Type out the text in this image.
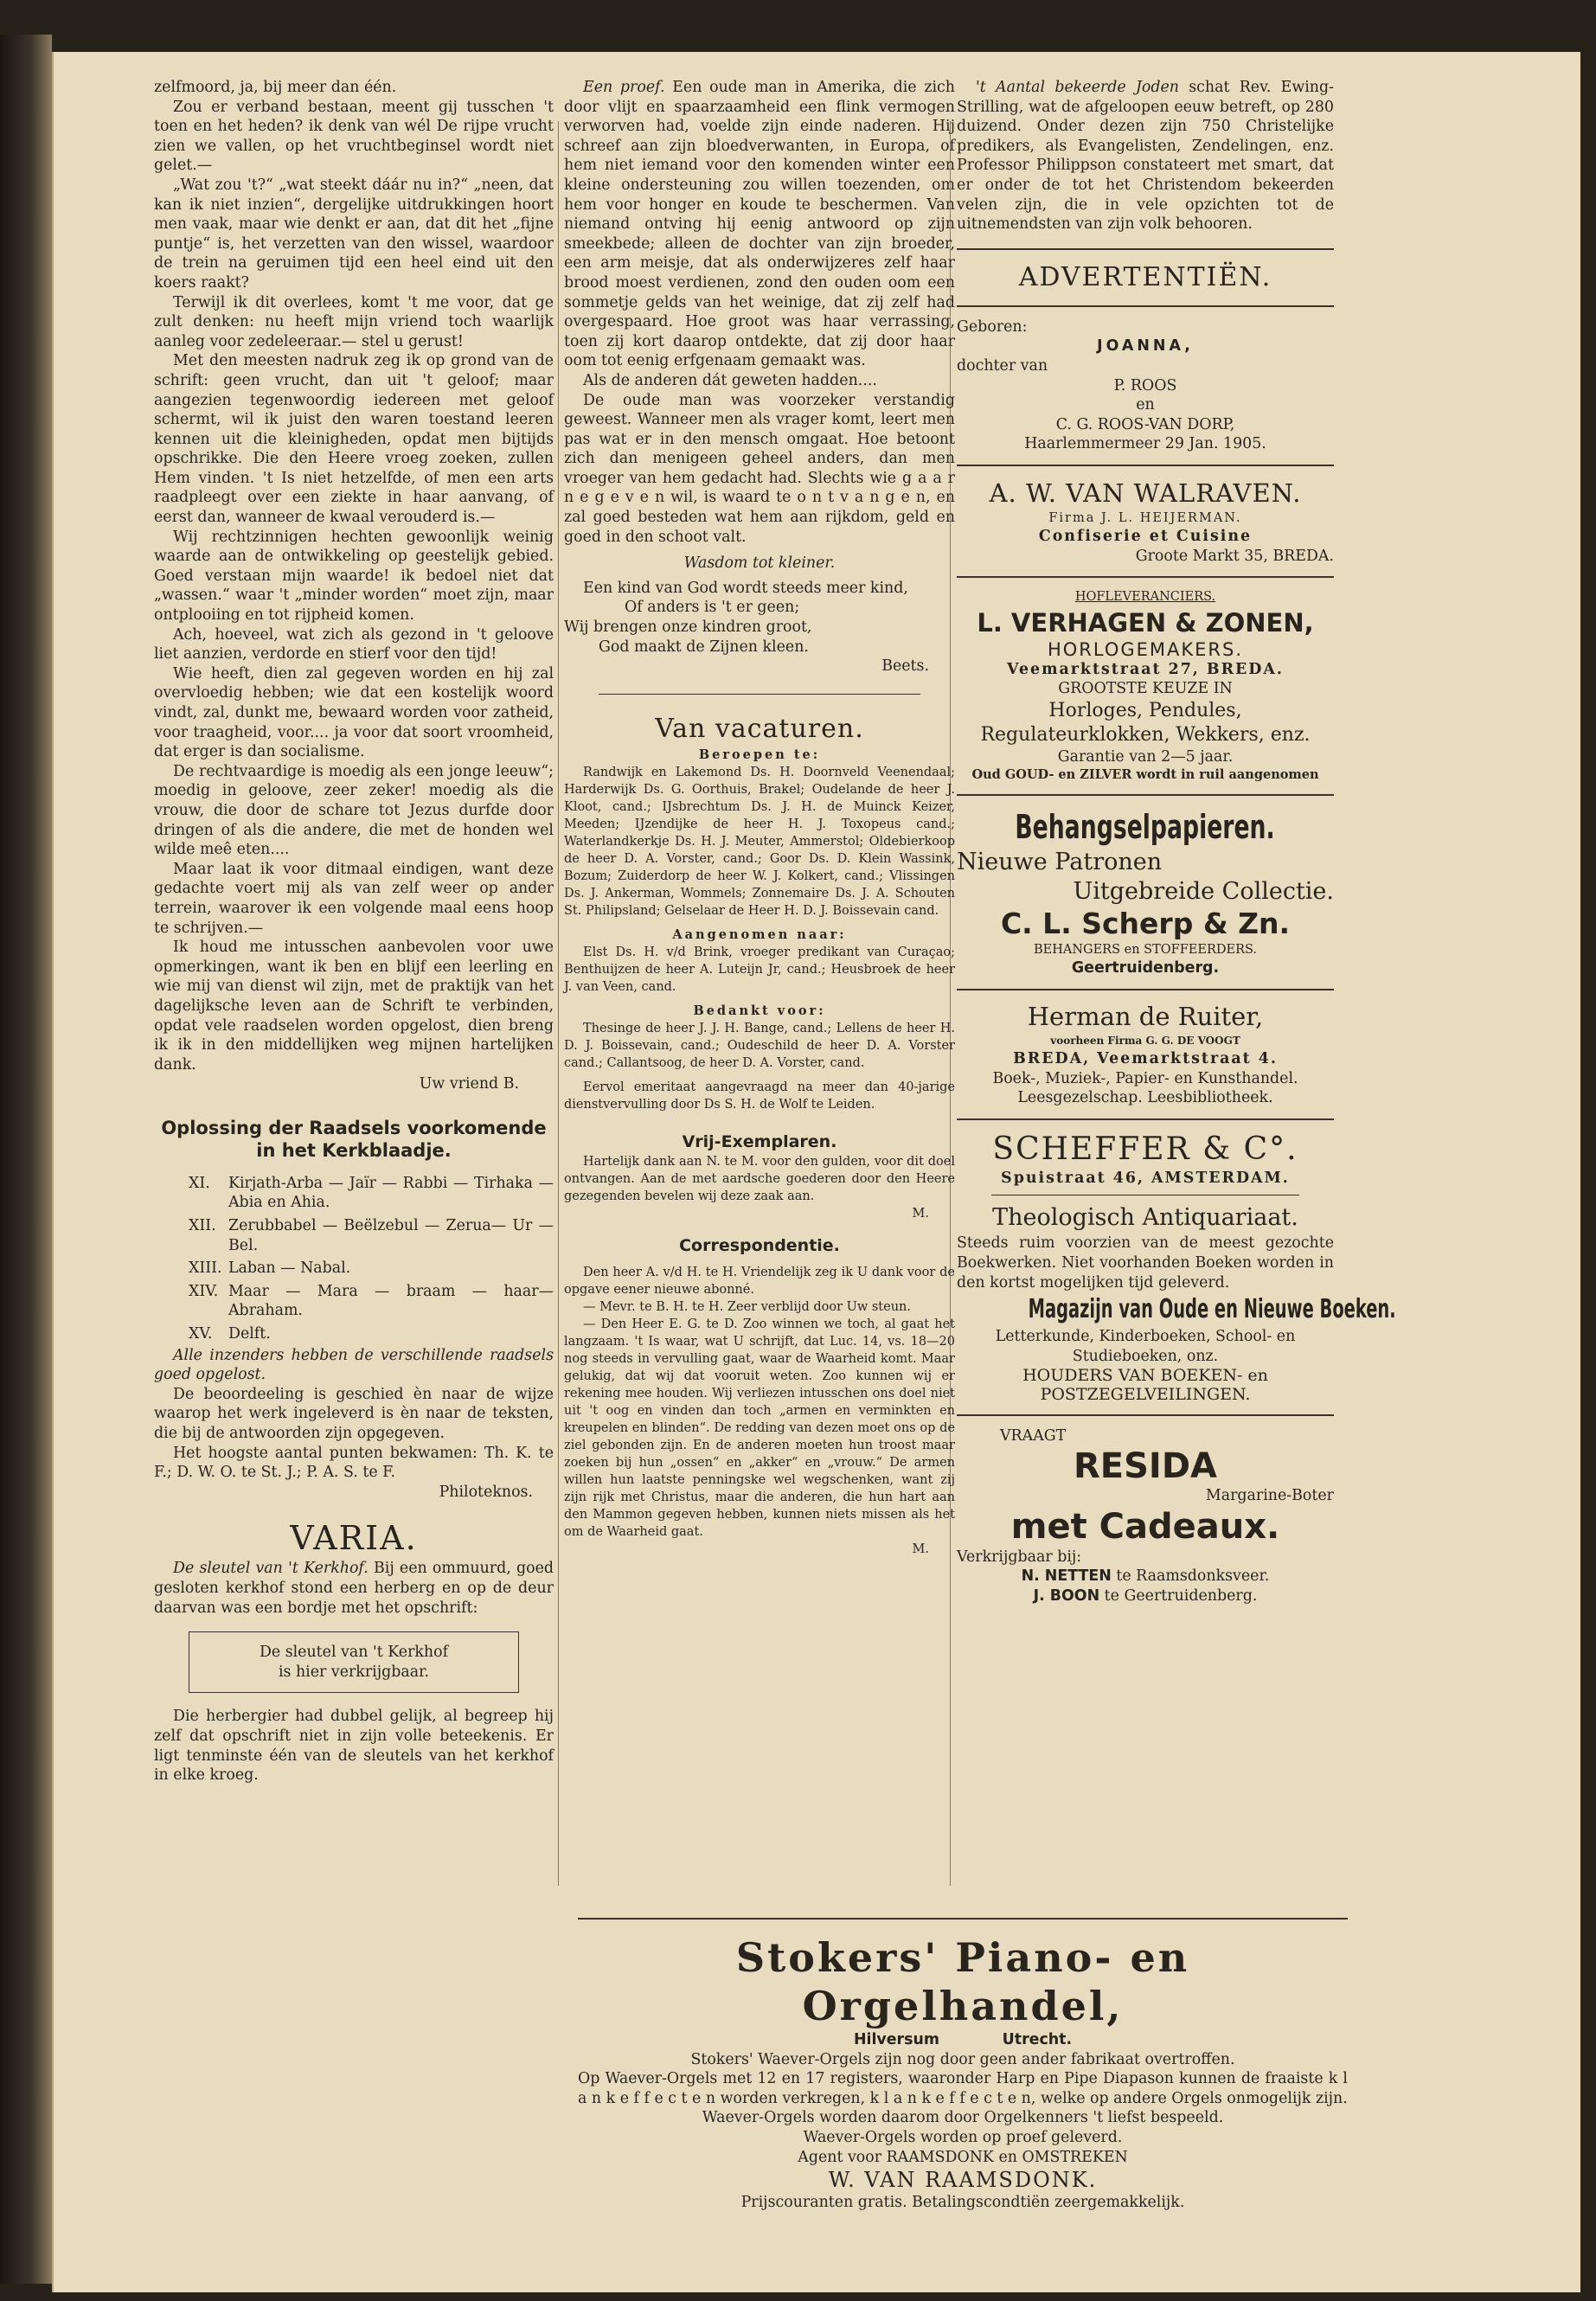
zelfmoord, ja, bij meer dan één.

Zou er verband bestaan, meent gij tusschen 't toen en het heden? ik denk van wél De rijpe vrucht zien we vallen, op het vruchtbeginsel wordt niet gelet.—

„Wat zou 't?“ „wat steekt dáár nu in?“ „neen, dat kan ik niet inzien“, dergelijke uitdrukkingen hoort men vaak, maar wie denkt er aan, dat dit het „fijne puntje“ is, het verzetten van den wissel, waardoor de trein na geruimen tijd een heel eind uit den koers raakt?

Terwijl ik dit overlees, komt 't me voor, dat ge zult denken: nu heeft mijn vriend toch waarlijk aanleg voor zedeleeraar.— stel u gerust!

Met den meesten nadruk zeg ik op grond van de schrift: geen vrucht, dan uit 't geloof; maar aangezien tegenwoordig iedereen met geloof schermt, wil ik juist den waren toestand leeren kennen uit die kleinigheden, opdat men bijtijds opschrikke. Die den Heere vroeg zoeken, zullen Hem vinden. 't Is niet hetzelfde, of men een arts raadpleegt over een ziekte in haar aanvang, of eerst dan, wanneer de kwaal verouderd is.—

Wij rechtzinnigen hechten gewoonlijk weinig waarde aan de ontwikkeling op geestelijk gebied. Goed verstaan mijn waarde! ik bedoel niet dat „wassen.“ waar 't „minder worden“ moet zijn, maar ontplooiing en tot rijpheid komen.

Ach, hoeveel, wat zich als gezond in 't geloove liet aanzien, verdorde en stierf voor den tijd!

Wie heeft, dien zal gegeven worden en hij zal overvloedig hebben; wie dat een kostelijk woord vindt, zal, dunkt me, bewaard worden voor zatheid, voor traagheid, voor.... ja voor dat soort vroomheid, dat erger is dan socialisme.

De rechtvaardige is moedig als een jonge leeuw“; moedig in geloove, zeer zeker! moedig als die vrouw, die door de schare tot Jezus durfde door dringen of als die andere, die met de honden wel wilde meê eten....

Maar laat ik voor ditmaal eindigen, want deze gedachte voert mij als van zelf weer op ander terrein, waarover ik een volgende maal eens hoop te schrijven.—

Ik houd me intusschen aanbevolen voor uwe opmerkingen, want ik ben en blijf een leerling en wie mij van dienst wil zijn, met de praktijk van het dagelijksche leven aan de Schrift te verbinden, opdat vele raadselen worden opgelost, dien breng ik ik in den middellijken weg mijnen hartelijken dank.

Uw vriend B.

Oplossing der Raadsels voorkomende in het Kerkblaadje.

XI.	Kirjath-Arba — Jaïr — Rabbi — Tirhaka — Abia en Ahia.
XII. Zerubbabel — Beëlzebul — Zerua— Ur — Bel.
XIII. Laban — Nabal.
XIV. Maar — Mara — braam — haar— Abraham.
XV.	Delft.

Alle inzenders hebben de verschillende raadsels goed opgelost.

De beoordeeling is geschied èn naar de wijze waarop het werk ingeleverd is èn naar de teksten, die bij de antwoorden zijn opgegeven.

Het hoogste aantal punten bekwamen: Th. K. te F.; D. W. O. te St. J.; P. A. S. te F.

Philoteknos.

VARIA.

De sleutel van 't Kerkhof. Bij een ommuurd, goed gesloten kerkhof stond een herberg en op de deur daarvan was een bordje met het opschrift:

De sleutel van 't Kerkhof
is hier verkrijgbaar.

Die herbergier had dubbel gelijk, al begreep hij zelf dat opschrift niet in zijn volle beteekenis. Er ligt tenminste één van de sleutels van het kerkhof in elke kroeg.

Een proef. Een oude man in Amerika, die zich door vlijt en spaarzaamheid een flink vermogen verworven had, voelde zijn einde naderen. Hij schreef aan zijn bloedverwanten, in Europa, of hem niet iemand voor den komenden winter een kleine ondersteuning zou willen toezenden, om hem voor honger en koude te beschermen. Van niemand ontving hij eenig antwoord op zijn smeekbede; alleen de dochter van zijn broeder, een arm meisje, dat als onderwijzeres zelf haar brood moest verdienen, zond den ouden oom een sommetje gelds van het weinige, dat zij zelf had overgespaard. Hoe groot was haar verrassing, toen zij kort daarop ontdekte, dat zij door haar oom tot eenig erfgenaam gemaakt was.

Als de anderen dát geweten hadden....

De oude man was voorzeker verstandig geweest. Wanneer men als vrager komt, leert men pas wat er in den mensch omgaat. Hoe betoont zich dan menigeen geheel anders, dan men vroeger van hem gedacht had. Slechts wie g a a r n e g e v e n wil, is waard te o n t v a n g e n, en zal goed besteden wat hem aan rijkdom, geld en goed in den schoot valt.

Wasdom tot kleiner.

Een kind van God wordt steeds meer kind,

Of anders is 't er geen;

Wij brengen onze kindren groot,

God maakt de Zijnen kleen.

Beets.

Van vacaturen.

Beroepen te:

Randwijk en Lakemond Ds. H. Doornveld Veenendaal; Harderwijk Ds. G. Oorthuis, Brakel; Oudelande de heer J. Kloot, cand.; IJsbrechtum Ds. J. H. de Muinck Keizer, Meeden; IJzendijke de heer H. J. Toxopeus cand.; Waterlandkerkje Ds. H. J. Meuter, Ammerstol; Oldebierkoop de heer D. A. Vorster, cand.; Goor Ds. D. Klein Wassink, Bozum; Zuiderdorp de heer W. J. Kolkert, cand.; Vlissingen Ds. J. Ankerman, Wommels; Zonnemaire Ds. J. A. Schouten St. Philipsland; Gelselaar de Heer H. D. J. Boissevain cand.

Aangenomen naar:

Elst Ds. H. v/d Brink, vroeger predikant van Curaçao; Benthuijzen de heer A. Luteijn Jr, cand.; Heusbroek de heer J. van Veen, cand.

Bedankt voor:

Thesinge de heer J. J. H. Bange, cand.; Lellens de heer H. D. J. Boissevain, cand.; Oudeschild de heer D. A. Vorster cand.; Callantsoog, de heer D. A. Vorster, cand.

Eervol emeritaat aangevraagd na meer dan 40-jarige dienstverv​ulling door Ds S. H. de Wolf te Leiden.

Vrij-Exemplaren.

Hartelijk dank aan N. te M. voor den gulden, voor dit doel ontvangen. Aan de met aardsche goederen door den Heere gezegenden bevelen wij deze zaak aan.

M.

Correspondentie.

Den heer A. v/d H. te H. Vriendelijk zeg ik U dank voor de opgave eener nieuwe abonné.

— Mevr. te B. H. te H. Zeer verblijd door Uw steun.

— Den Heer E. G. te D. Zoo winnen we toch, al gaat het langzaam. 't Is waar, wat U schrijft, dat Luc. 14, vs. 18—20 nog steeds in vervulling gaat, waar de Waarheid komt. Maar gelukig, dat wij dat vooruit weten. Zoo kunnen wij er rekening mee houden. Wij verliezen intusschen ons doel niet uit 't oog en vinden dan toch „armen en verminkten en kreupelen en blinden“. De redding van dezen moet ons op de ziel gebonden zijn. En de anderen moeten hun troost maar zoeken bij hun „ossen“ en „akker“ en „vrouw.“ De armen willen hun laatste penningske wel wegschenken, want zij zijn rijk met Christus, maar die anderen, die hun hart aan den Mammon gegeven hebben, kunnen niets missen als het om de Waarheid gaat.

M.

't Aantal bekeerde Joden schat Rev. Ewing-Strilling, wat de afgeloopen eeuw betreft, op 280 duizend. Onder dezen zijn 750 Christelijke predikers, als Evangelisten, Zendelingen, enz. Professor Philippson constateert met smart, dat er onder de tot het Christendom bekeerden velen zijn, die in vele opzichten tot de uitnemendsten van zijn volk behooren.

ADVERTENTIËN.

Geboren:

JOANNA,

dochter van

P. ROOS

en

C. G. ROOS-VAN DORP,

Haarlemmermeer 29 Jan. 1905.

A. W. VAN WALRAVEN.

Firma J. L. HEIJERMAN.

Confiserie et Cuisine

Groote Markt 35, BREDA.

HOFLEVERANCIERS.

L. VERHAGEN & ZONEN,

HORLOGEMAKERS.

Veemarktstraat 27, BREDA.

GROOTSTE KEUZE IN

Horloges, Pendules, Regulateurklokken, Wekkers, enz.

Garantie van 2—5 jaar.

Oud GOUD- en ZILVER wordt in ruil aangenomen

Behangselpapieren.

Nieuwe Patronen

Uitgebreide Collectie.

C. L. Scherp & Zn.

BEHANGERS en STOFFEERDERS.

Geertruidenberg.

Herman de Ruiter,

voorheen Firma G. G. DE VOOGT

BREDA, Veemarktstraat 4.

Boek-, Muziek-, Papier- en Kunsthandel.

Leesgezelschap. Leesbibliotheek.

SCHEFFER & C°.

Spuistraat 46, AMSTERDAM.

Theologisch Antiquariaat.

Steeds ruim voorzien van de meest gezochte Boekwerken. Niet voorhanden Boeken worden in den kortst mogelijken tijd geleverd.

Magazijn van Oude en Nieuwe Boeken.

Letterkunde, Kinderboeken, School- en Studieboeken, onz.

HOUDERS VAN BOEKEN- en POSTZEGELVEILINGEN.

VRAAGT

RESIDA

Margarine-Boter

met Cadeaux.

Verkrijgbaar bij:

N. NETTEN te Raamsdonksveer.

J. BOON te Geertruidenberg.

Stokers' Piano- en Orgelhandel,

Hilversum	Utrecht.

Stokers' Waever-Orgels zijn nog door geen ander fabrikaat overtroffen.

Op Waever-Orgels met 12 en 17 registers, waaronder Harp en Pipe Diapason kunnen de fraaiste k l a n k e f f e c t e n worden verkregen, k l a n k e f f e c t e n, welke op andere Orgels onmogelijk zijn.

Waever-Orgels worden daarom door Orgelkenners 't liefst bespeeld.

Waever-Orgels worden op proef geleverd.

Agent voor RAAMSDONK en OMSTREKEN

W. VAN RAAMSDONK.

Prijscouranten gratis. Betalingscondtiën zeergemakkelijk.
